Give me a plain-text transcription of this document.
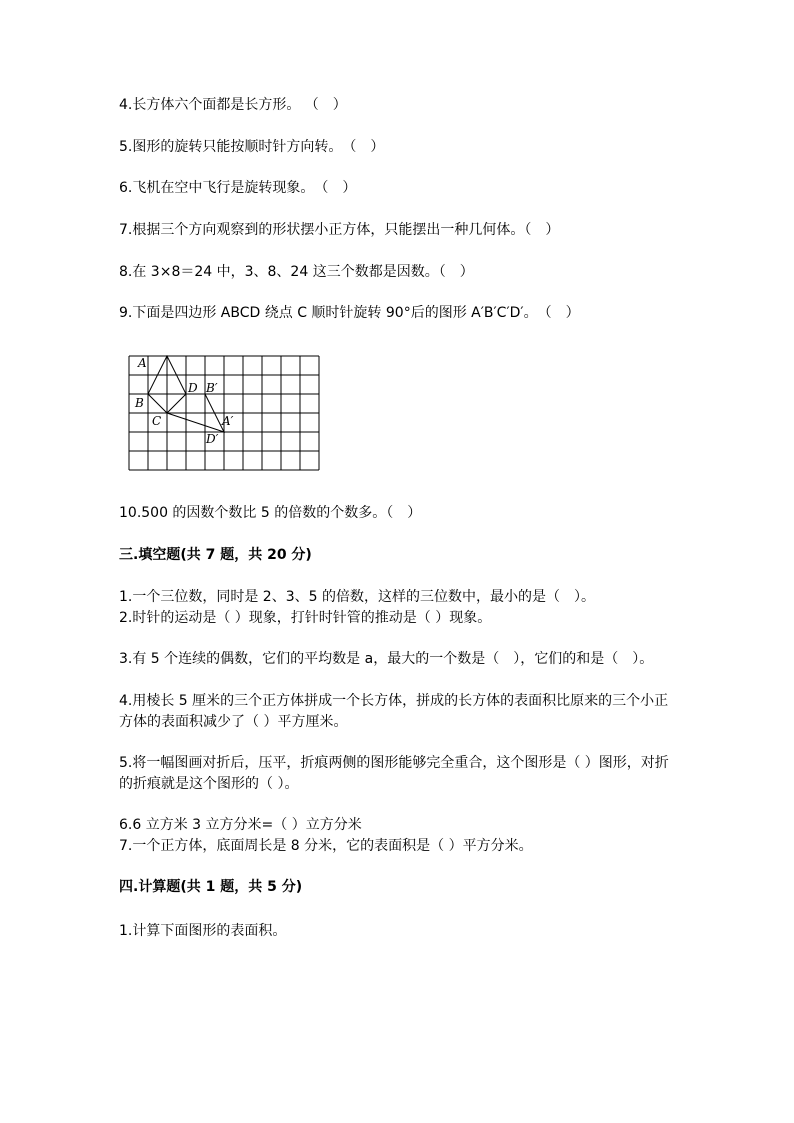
4.长方体六个面都是长方形。 （　）
5.图形的旋转只能按顺时针方向转。　（　）
6.飞机在空中飞行是旋转现象。　（　）
7.根据三个方向观察到的形状摆小正方体，只能摆出一种几何体。（　）
8.在 3×8＝24 中，3、8、24 这三个数都是因数。（　）
9.下面是四边形 ABCD 绕点 C 顺时针旋转 90°后的图形 A′B′C′D′。　（　）
A
B
C
D B′
A′
D′
10.500 的因数个数比 5 的倍数的个数多。（　）
三.填空题(共 7 题，共 20 分)
1.一个三位数，同时是 2、3、5 的倍数，这样的三位数中，最小的是（　）。
2.时针的运动是（ ）现象，打针时针管的推动是（ ）现象。
3.有 5 个连续的偶数，它们的平均数是 a，最大的一个数是（　），它们的和是（　）。
4.用棱长 5 厘米的三个正方体拼成一个长方体，拼成的长方体的表面积比原来的三个小正方体的表面积减少了（ ）平方厘米。
5.将一幅图画对折后，压平，折痕两侧的图形能够完全重合，这个图形是（ ）图形，对折的折痕就是这个图形的（ ）。
6.6 立方米 3 立方分米=（ ）立方分米
7.一个正方体，底面周长是 8 分米，它的表面积是（ ）平方分米。
四.计算题(共 1 题，共 5 分)
1.计算下面图形的表面积。
